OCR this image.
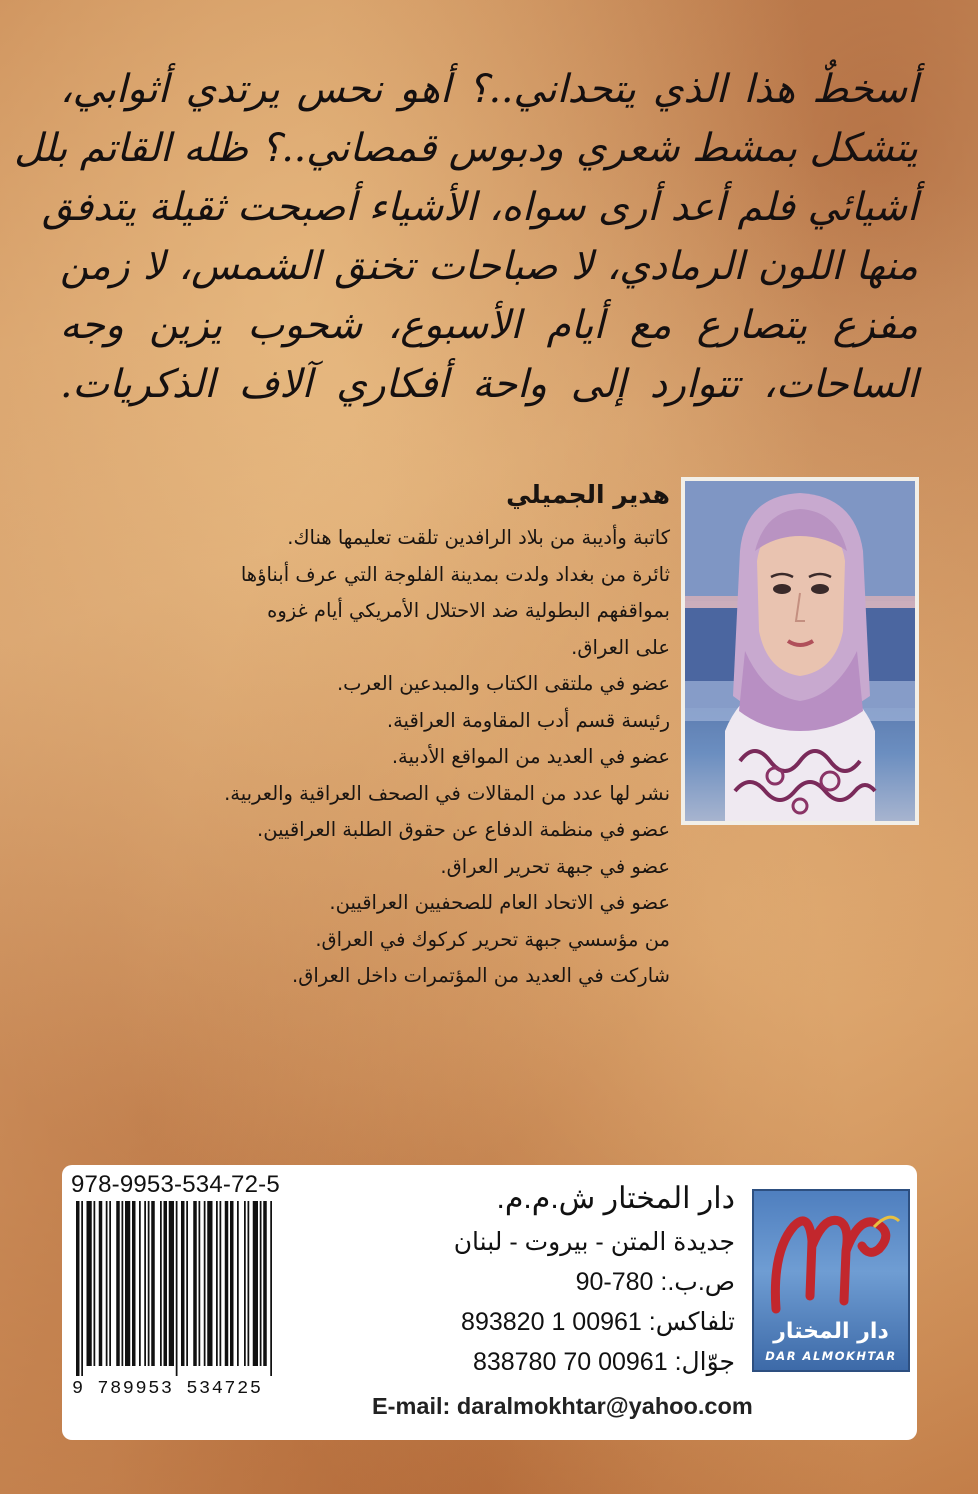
أسخطٌ هذا الذي يتحداني..؟ أهو نحس يرتدي أثوابي،
يتشكل بمشط شعري ودبوس قمصاني..؟ ظله القاتم بلل
أشيائي فلم أعد أرى سواه، الأشياء أصبحت ثقيلة يتدفق
منها اللون الرمادي، لا صباحات تخنق الشمس، لا زمن
مفزع يتصارع مع أيام الأسبوع، شحوب يزين وجه
الساحات، تتوارد إلى واحة أفكاري آلاف الذكريات.
هدير الجميلي
كاتبة وأديبة من بلاد الرافدين تلقت تعليمها هناك.
ثائرة من بغداد ولدت بمدينة الفلوجة التي عرف أبناؤها
بمواقفهم البطولية ضد الاحتلال الأمريكي أيام غزوه
على العراق.
عضو في ملتقى الكتاب والمبدعين العرب.
رئيسة قسم أدب المقاومة العراقية.
عضو في العديد من المواقع الأدبية.
نشر لها عدد من المقالات في الصحف العراقية والعربية.
عضو في منظمة الدفاع عن حقوق الطلبة العراقيين.
عضو في جبهة تحرير العراق.
عضو في الاتحاد العام للصحفيين العراقيين.
من مؤسسي جبهة تحرير كركوك في العراق.
شاركت في العديد من المؤتمرات داخل العراق.
978-9953-534-72-5
9 789953 534725
دار المختار ش.م.م.
جديدة المتن - بيروت - لبنان
ص.ب.: 780-90
تلفاكس: 00961 1 893820
جوّال: 00961 70 838780
دار المختار
DAR ALMOKHTAR
E-mail: daralmokhtar@yahoo.com
